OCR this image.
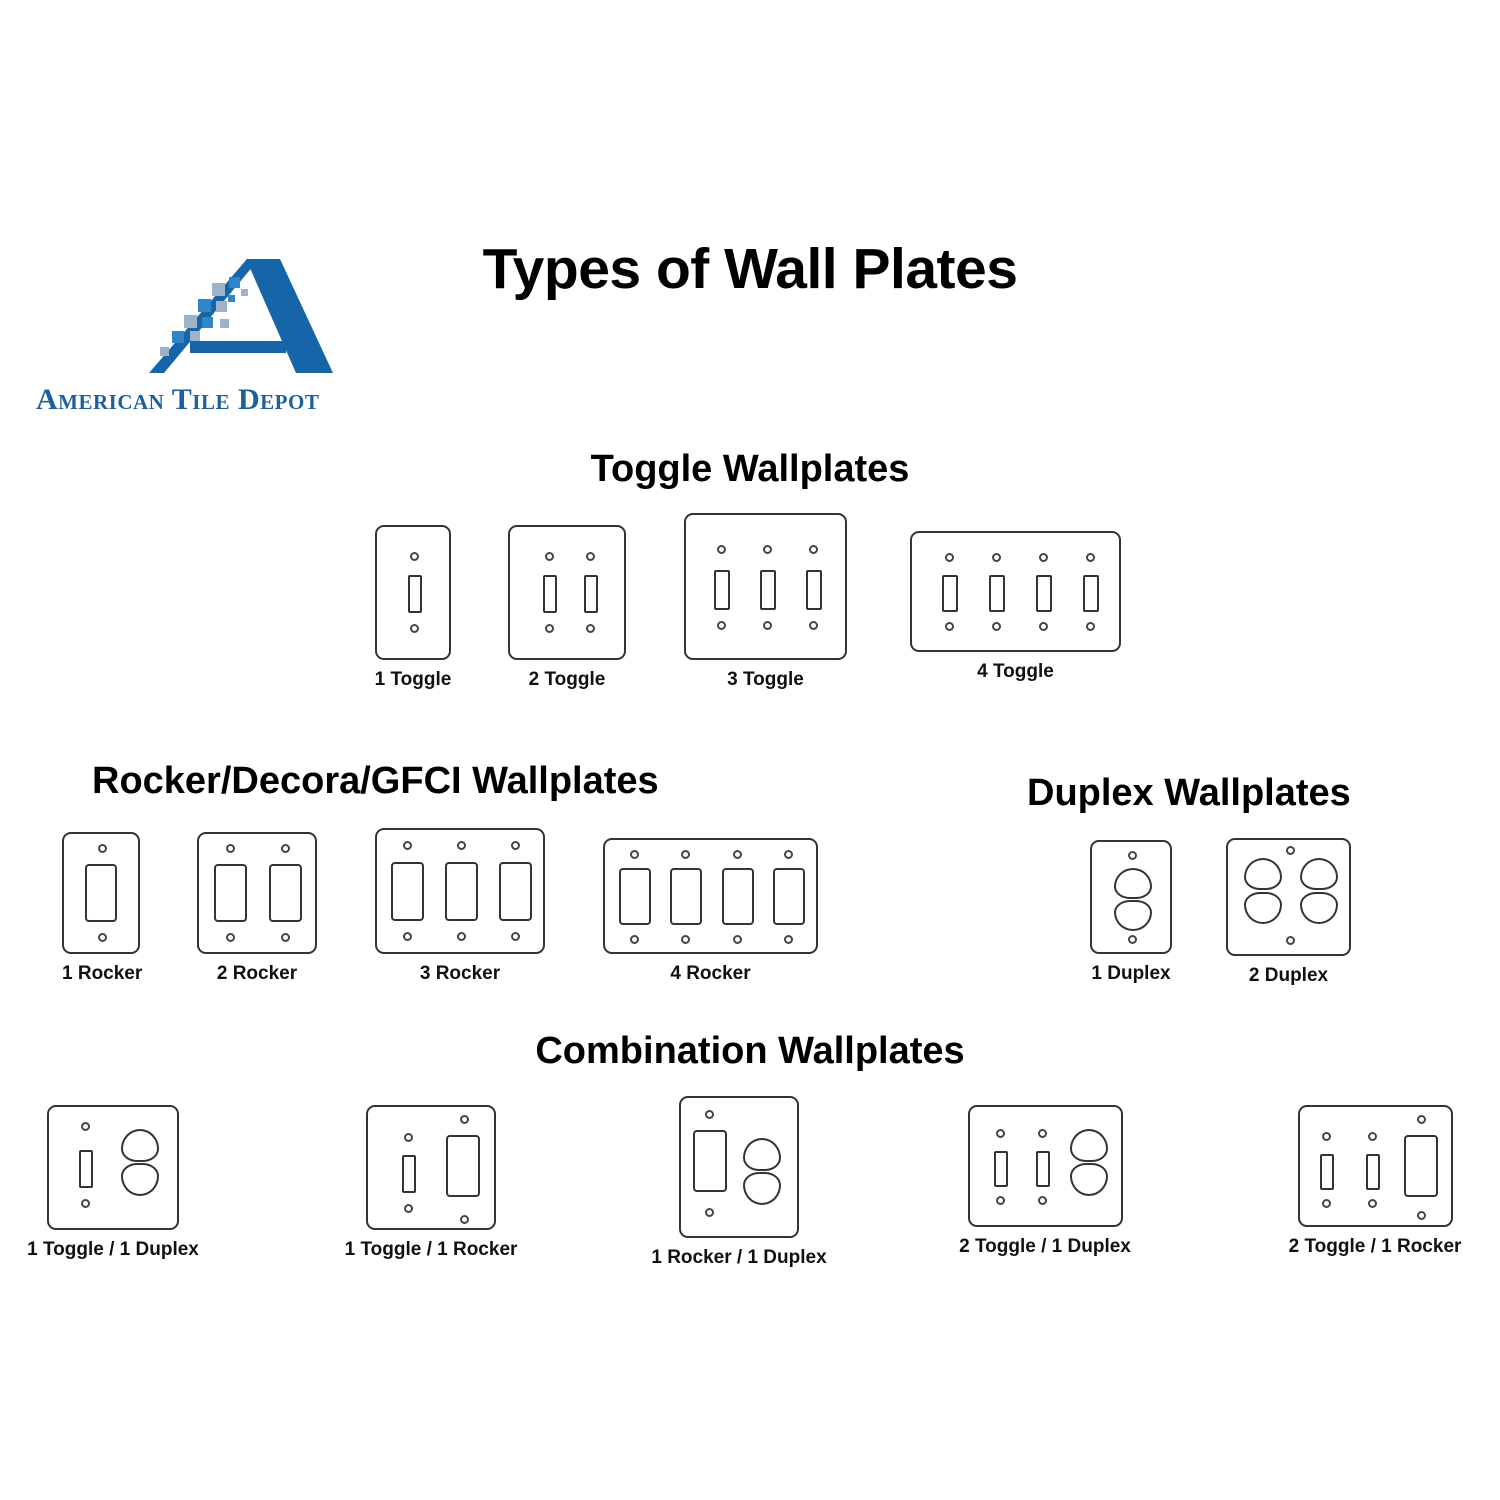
American Tile Depot
Types of Wall Plates
Toggle Wallplates
1 Toggle	2 Toggle	3 Toggle	4 Toggle
Rocker/Decora/GFCI Wallplates
1 Rocker	2 Rocker	3 Rocker	4 Rocker
Duplex Wallplates
1 Duplex	2 Duplex
Combination Wallplates
1 Toggle / 1 Duplex	1 Toggle / 1 Rocker	1 Rocker / 1 Duplex
2 Toggle / 1 Duplex	2 Toggle / 1 Rocker
